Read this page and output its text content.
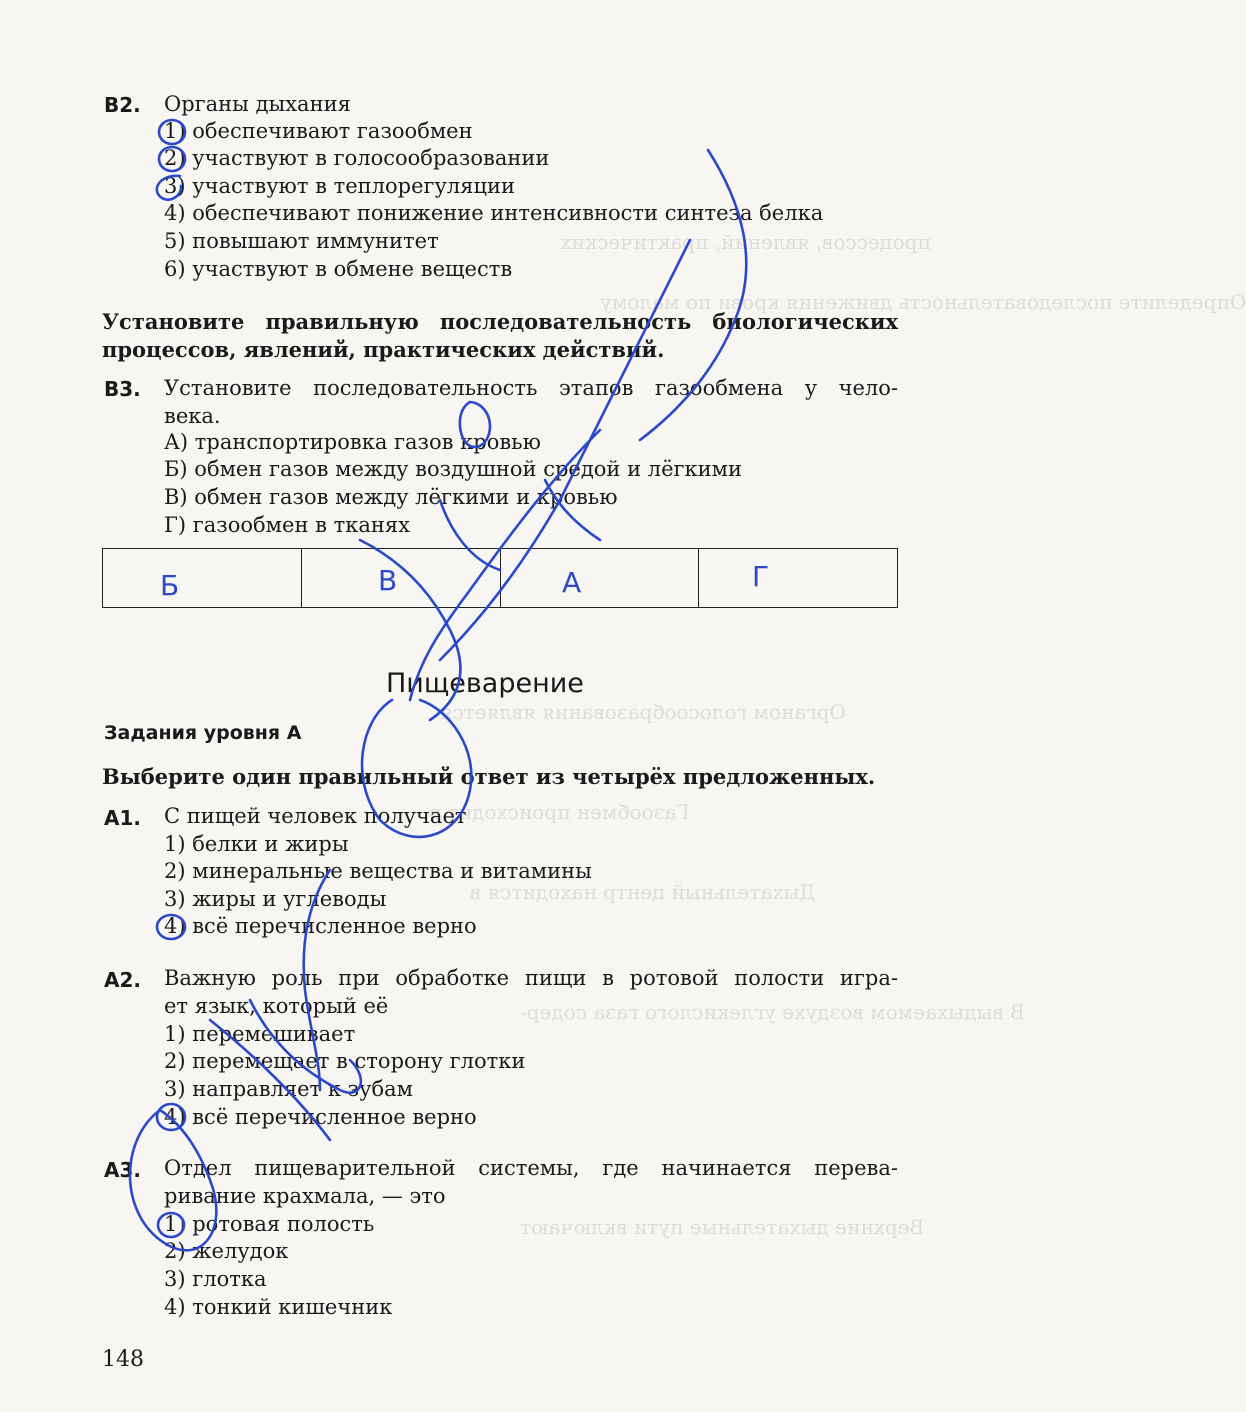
процессов, явлений, практических
Определите последовательность движения крови по малому
Органом голосообразования является
Газообмен происходит в
Дыхательный центр находится в
В выдыхаемом воздухе углекислого газа содер-
Верхние дыхательные пути включают
В2. Органы дыхания
1) обеспечивают газообмен
2) участвуют в голосообразовании
3) участвуют в теплорегуляции
4) обеспечивают понижение интенсивности синтеза белка
5) повышают иммунитет
6) участвуют в обмене веществ
Установите правильную последовательность биологических
процессов, явлений, практических действий.
В3. Установите последовательность этапов газообмена у чело-
века.
А) транспортировка газов кровью
Б) обмен газов между воздушной средой и лёгкими
В) обмен газов между лёгкими и кровью
Г) газообмен в тканях

Пищеварение
Задания уровня А
Выберите один правильный ответ из четырёх предложенных.
А1. С пищей человек получает
1) белки и жиры
2) минеральные вещества и витамины
3) жиры и углеводы
4) всё перечисленное верно
А2. Важную роль при обработке пищи в ротовой полости игра-
ет язык, который её
1) перемешивает
2) перемещает в сторону глотки
3) направляет к зубам
4) всё перечисленное верно
А3. Отдел пищеварительной системы, где начинается перева-
ривание крахмала, — это
1) ротовая полость
2) желудок
3) глотка
4) тонкий кишечник
148
Б	В	А	Г
